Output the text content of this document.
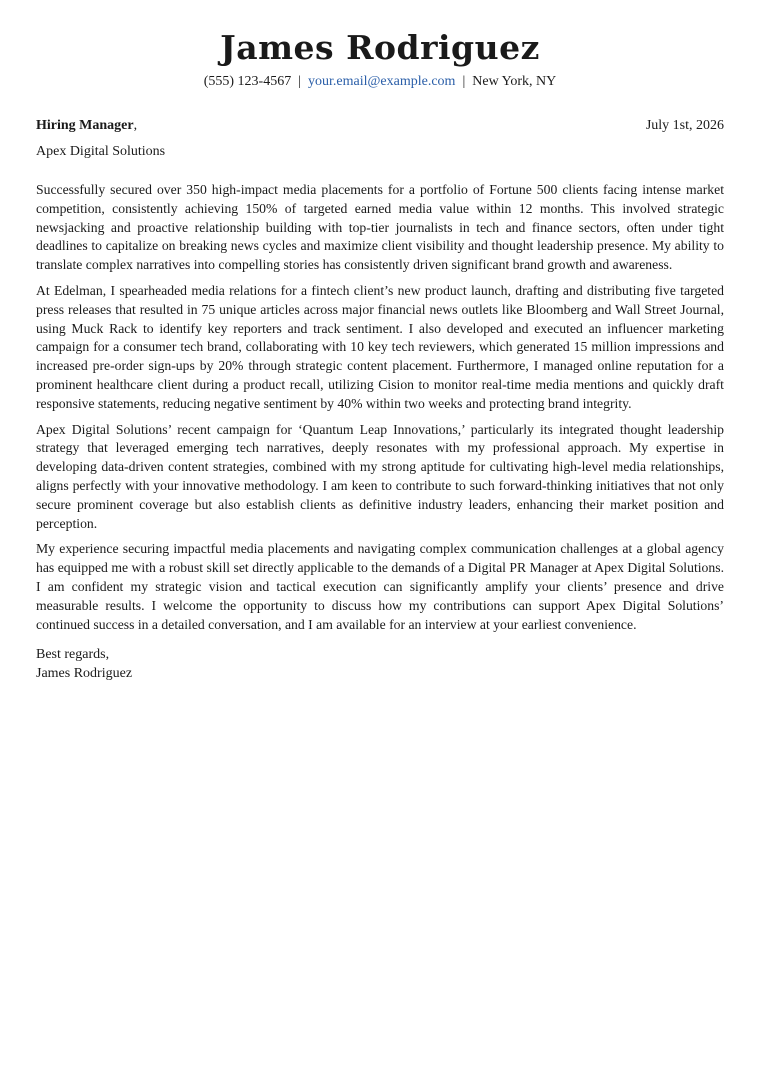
James Rodriguez
(555) 123-4567 | your.email@example.com | New York, NY
Hiring Manager,	July 1st, 2026
Apex Digital Solutions

Successfully secured over 350 high-impact media placements for a portfolio of Fortune 500 clients facing intense market competition, consistently achieving 150% of targeted earned media value within 12 months. This involved strategic newsjacking and proactive relationship building with top-tier journalists in tech and finance sectors, often under tight deadlines to capitalize on breaking news cycles and maximize client visibility and thought leadership presence. My ability to translate complex narratives into compelling stories has consistently driven significant brand growth and awareness.

At Edelman, I spearheaded media relations for a fintech client’s new product launch, drafting and distributing five targeted press releases that resulted in 75 unique articles across major financial news outlets like Bloomberg and Wall Street Journal, using Muck Rack to identify key reporters and track sentiment. I also developed and executed an influencer marketing campaign for a consumer tech brand, collaborating with 10 key tech reviewers, which generated 15 million impressions and increased pre-order sign-ups by 20% through strategic content placement. Furthermore, I managed online reputation for a prominent healthcare client during a product recall, utilizing Cision to monitor real-time media mentions and quickly draft responsive statements, reducing negative sentiment by 40% within two weeks and protecting brand integrity.

Apex Digital Solutions’ recent campaign for ‘Quantum Leap Innovations,’ particularly its integrated thought leadership strategy that leveraged emerging tech narratives, deeply resonates with my professional approach. My expertise in developing data-driven content strategies, combined with my strong aptitude for cultivating high-level media relationships, aligns perfectly with your innovative methodology. I am keen to contribute to such forward-thinking initiatives that not only secure prominent coverage but also establish clients as definitive industry leaders, enhancing their market position and perception.

My experience securing impactful media placements and navigating complex communication challenges at a global agency has equipped me with a robust skill set directly applicable to the demands of a Digital PR Manager at Apex Digital Solutions. I am confident my strategic vision and tactical execution can significantly amplify your clients’ presence and drive measurable results. I welcome the opportunity to discuss how my contributions can support Apex Digital Solutions’ continued success in a detailed conversation, and I am available for an interview at your earliest convenience.

Best regards,
James Rodriguez
